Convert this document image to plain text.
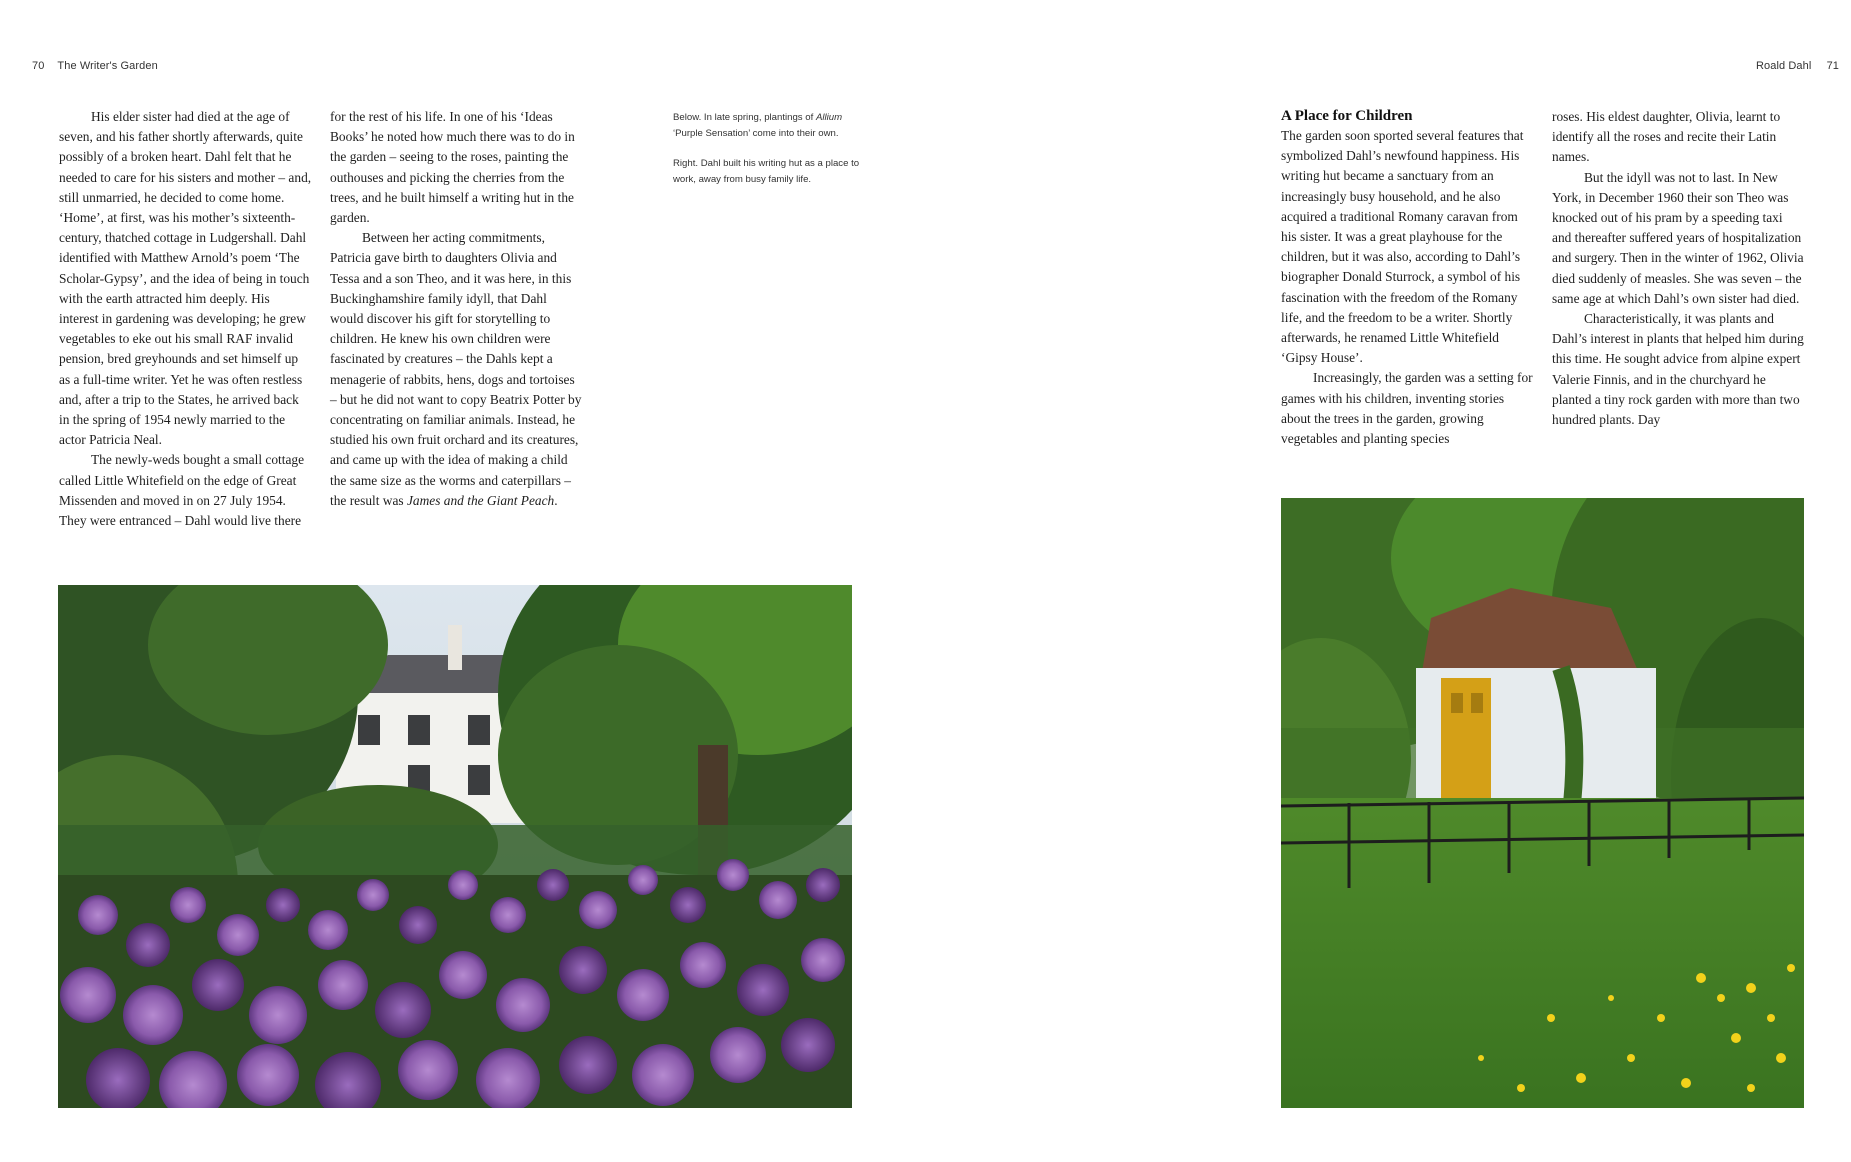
70 The Writer's Garden

His elder sister had died at the age of seven, and his father shortly afterwards, quite possibly of a broken heart. Dahl felt that he needed to care for his sisters and mother – and, still unmarried, he decided to come home. ‘Home’, at first, was his mother’s sixteenth-century, thatched cottage in Ludgershall. Dahl identified with Matthew Arnold’s poem ‘The Scholar-Gypsy’, and the idea of being in touch with the earth attracted him deeply. His interest in gardening was developing; he grew vegetables to eke out his small RAF invalid pension, bred greyhounds and set himself up as a full-time writer. Yet he was often restless and, after a trip to the States, he arrived back in the spring of 1954 newly married to the actor Patricia Neal.

The newly-weds bought a small cottage called Little Whitefield on the edge of Great Missenden and moved in on 27 July 1954. They were entranced – Dahl would live there

for the rest of his life. In one of his ‘Ideas Books’ he noted how much there was to do in the garden – seeing to the roses, painting the outhouses and picking the cherries from the trees, and he built himself a writing hut in the garden.

Between her acting commitments, Patricia gave birth to daughters Olivia and Tessa and a son Theo, and it was here, in this Buckinghamshire family idyll, that Dahl would discover his gift for storytelling to children. He knew his own children were fascinated by creatures – the Dahls kept a menagerie of rabbits, hens, dogs and tortoises – but he did not want to copy Beatrix Potter by concentrating on familiar animals. Instead, he studied his own fruit orchard and its creatures, and came up with the idea of making a child the same size as the worms and caterpillars – the result was James and the Giant Peach.

Below. In late spring, plantings of Allium ‘Purple Sensation’ come into their own.

Right. Dahl built his writing hut as a place to work, away from busy family life.

Roald Dahl 71
A Place for Children

The garden soon sported several features that symbolized Dahl’s newfound happiness. His writing hut became a sanctuary from an increasingly busy household, and he also acquired a traditional Romany caravan from his sister. It was a great playhouse for the children, but it was also, according to Dahl’s biographer Donald Sturrock, a symbol of his fascination with the freedom of the Romany life, and the freedom to be a writer. Shortly afterwards, he renamed Little Whitefield ‘Gipsy House’.

Increasingly, the garden was a setting for games with his children, inventing stories about the trees in the garden, growing vegetables and planting species

roses. His eldest daughter, Olivia, learnt to identify all the roses and recite their Latin names.

But the idyll was not to last. In New York, in December 1960 their son Theo was knocked out of his pram by a speeding taxi and thereafter suffered years of hospitalization and surgery. Then in the winter of 1962, Olivia died suddenly of measles. She was seven – the same age at which Dahl’s own sister had died.

Characteristically, it was plants and Dahl’s interest in plants that helped him during this time. He sought advice from alpine expert Valerie Finnis, and in the churchyard he planted a tiny rock garden with more than two hundred plants. Day
